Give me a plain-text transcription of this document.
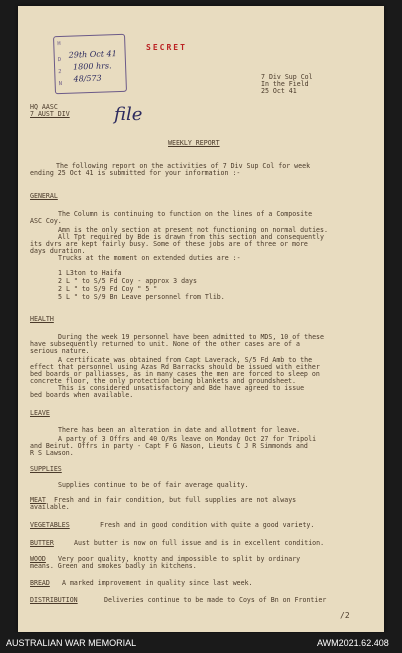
H
D
2
N
29th Oct 41
1800 hrs.
48/573
SECRET
7 Div Sup Col
In the Field
25 Oct 41
HQ AASC
7 AUST DIV file
WEEKLY REPORT
The following report on the activities of 7 Div Sup Col for week
ending 25 Oct 41 is submitted for your information :-
GENERAL
The Column is continuing to function on the lines of a Composite
ASC Coy.
Amn is the only section at present not functioning on normal duties.
All Tpt required by Bde is drawn from this section and consequently
its dvrs are kept fairly busy. Some of these jobs are of three or more
days duration.
Trucks at the moment on extended duties are :-
1 L3ton to Haifa
2 L " to S/5 Fd Coy - approx 3 days
2 L " to S/9 Fd Coy " 5 "
5 L " to S/9 Bn Leave personnel from Tlib.
HEALTH
During the week 19 personnel have been admitted to MDS, 10 of these
have subsequently returned to unit. None of the other cases are of a
serious nature.
A certificate was obtained from Capt Laverack, S/5 Fd Amb to the
effect that personnel using Azas Rd Barracks should be issued with either
bed boards or palliasses, as in many cases the men are forced to sleep on
concrete floor, the only protection being blankets and groundsheet.
This is considered unsatisfactory and Bde have agreed to issue
bed boards when available.
LEAVE
There has been an alteration in date and allotment for leave.
A party of 3 Offrs and 40 O/Rs leave on Monday Oct 27 for Tripoli
and Beirut. Offrs in party - Capt F G Nason, Lieuts C J R Simmonds and
R S Lawson.
SUPPLIES
Supplies continue to be of fair average quality.
MEAT Fresh and in fair condition, but full supplies are not always
available.
VEGETABLES	Fresh and in good condition with quite a good variety.
BUTTER	Aust butter is now on full issue and is in excellent condition.
WOOD Very poor quality, knotty and impossible to split by ordinary
means. Green and smokes badly in kitchens.
BREAD A marked improvement in quality since last week.
DISTRIBUTION	Deliveries continue to be made to Coys of Bn on Frontier
/2
AUSTRALIAN WAR MEMORIAL	AWM2021.62.408
